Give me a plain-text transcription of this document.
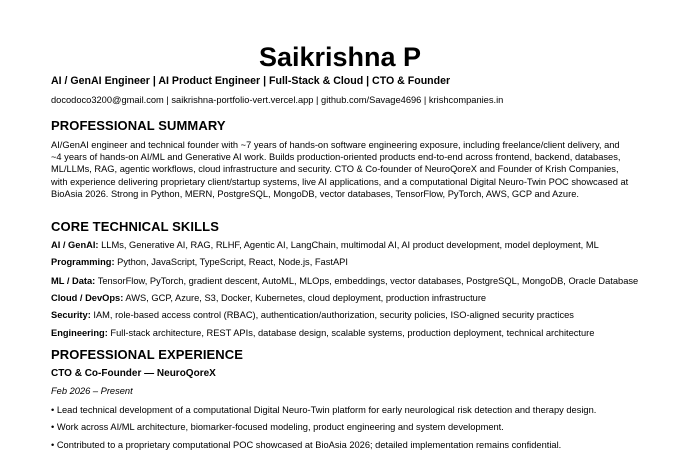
Saikrishna P
AI / GenAI Engineer | AI Product Engineer | Full-Stack & Cloud | CTO & Founder
docodoco3200@gmail.com | saikrishna-portfolio-vert.vercel.app | github.com/Savage4696 | krishcompanies.in
PROFESSIONAL SUMMARY
AI/GenAI engineer and technical founder with ~7 years of hands-on software engineering exposure, including freelance/client delivery, and ~4 years of hands-on AI/ML and Generative AI work. Builds production-oriented products end-to-end across frontend, backend, databases, ML/LLMs, RAG, agentic workflows, cloud infrastructure and security. CTO & Co-founder of NeuroQoreX and Founder of Krish Companies, with experience delivering proprietary client/startup systems, live AI applications, and a computational Digital Neuro-Twin POC showcased at BioAsia 2026. Strong in Python, MERN, PostgreSQL, MongoDB, vector databases, TensorFlow, PyTorch, AWS, GCP and Azure.
CORE TECHNICAL SKILLS
AI / GenAI: LLMs, Generative AI, RAG, RLHF, Agentic AI, LangChain, multimodal AI, AI product development, model deployment, ML
Programming: Python, JavaScript, TypeScript, React, Node.js, FastAPI
ML / Data: TensorFlow, PyTorch, gradient descent, AutoML, MLOps, embeddings, vector databases, PostgreSQL, MongoDB, Oracle Database
Cloud / DevOps: AWS, GCP, Azure, S3, Docker, Kubernetes, cloud deployment, production infrastructure
Security: IAM, role-based access control (RBAC), authentication/authorization, security policies, ISO-aligned security practices
Engineering: Full-stack architecture, REST APIs, database design, scalable systems, production deployment, technical architecture
PROFESSIONAL EXPERIENCE
CTO & Co-Founder — NeuroQoreX
Feb 2026 – Present
• Lead technical development of a computational Digital Neuro-Twin platform for early neurological risk detection and therapy design.
• Work across AI/ML architecture, biomarker-focused modeling, product engineering and system development.
• Contributed to a proprietary computational POC showcased at BioAsia 2026; detailed implementation remains confidential.
